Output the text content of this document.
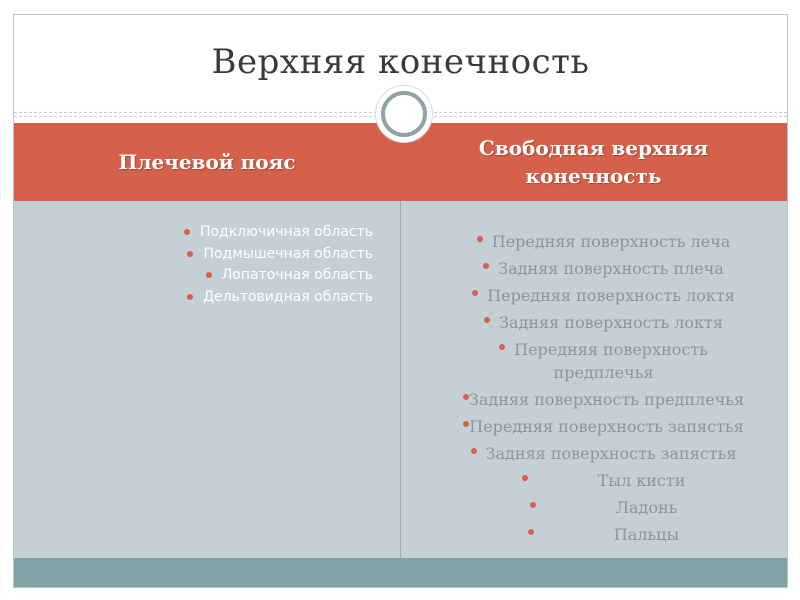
Верхняя конечность
Плечевой пояс
Свободная верхняя конечность
Подключичная область
Подмышечная область
Лопаточная область
Дельтовидная область
Передняя поверхность леча
Задняя поверхность плеча
Передняя поверхность локтя
Задняя поверхность локтя
Передняя поверхность предплечья
Задняя поверхность предплечья
Передняя поверхность запястья
Задняя поверхность запястья
Тыл кисти
Ладонь
Пальцы
